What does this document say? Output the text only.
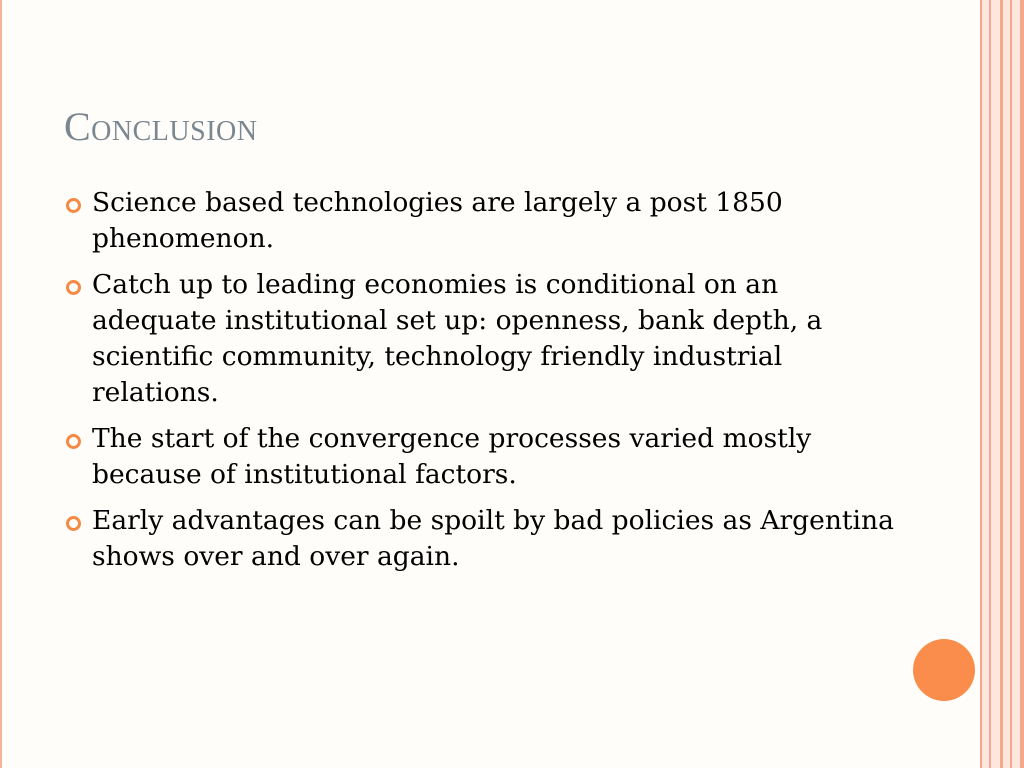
Conclusion
Science based technologies are largely a post 1850 phenomenon.
Catch up to leading economies is conditional on an adequate institutional set up: openness, bank depth, a scientific community, technology friendly industrial relations.
The start of the convergence processes varied mostly because of institutional factors.
Early advantages can be spoilt by bad policies as Argentina shows over and over again.
